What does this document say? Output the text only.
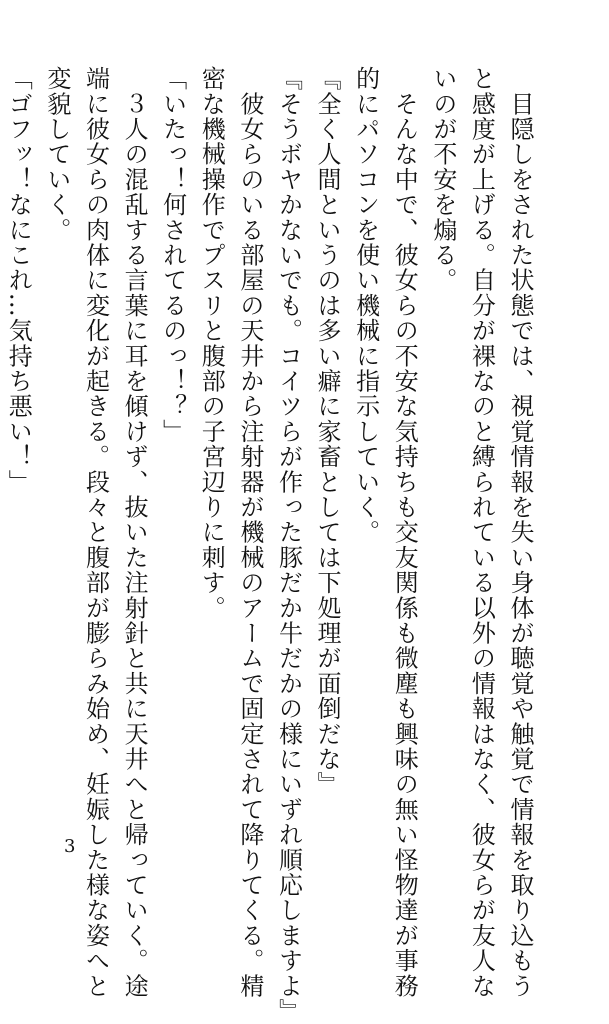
　目隠しをされた状態では、視覚情報を失い身体が聴覚や触覚で情報を取り込もう
と感度が上げる。自分が裸なのと縛られている以外の情報はなく、彼女らが友人な
いのが不安を煽る。
　そんな中で、彼女らの不安な気持ちも交友関係も微塵も興味の無い怪物達が事務
的にパソコンを使い機械に指示していく。
『全く人間というのは多い癖に家畜としては下処理が面倒だな』
『そうボヤかないでも。コイツらが作った豚だか牛だかの様にいずれ順応しますよ』
　彼女らのいる部屋の天井から注射器が機械のアームで固定されて降りてくる。精
密な機械操作でプスリと腹部の子宮辺りに刺す。
「いたっ！何されてるのっ！？」
　３人の混乱する言葉に耳を傾けず、抜いた注射針と共に天井へと帰っていく。途
端に彼女らの肉体に変化が起きる。段々と腹部が膨らみ始め、妊娠した様な姿へと
変貌していく。
「ゴフッ！なにこれ…気持ち悪い！」
3
